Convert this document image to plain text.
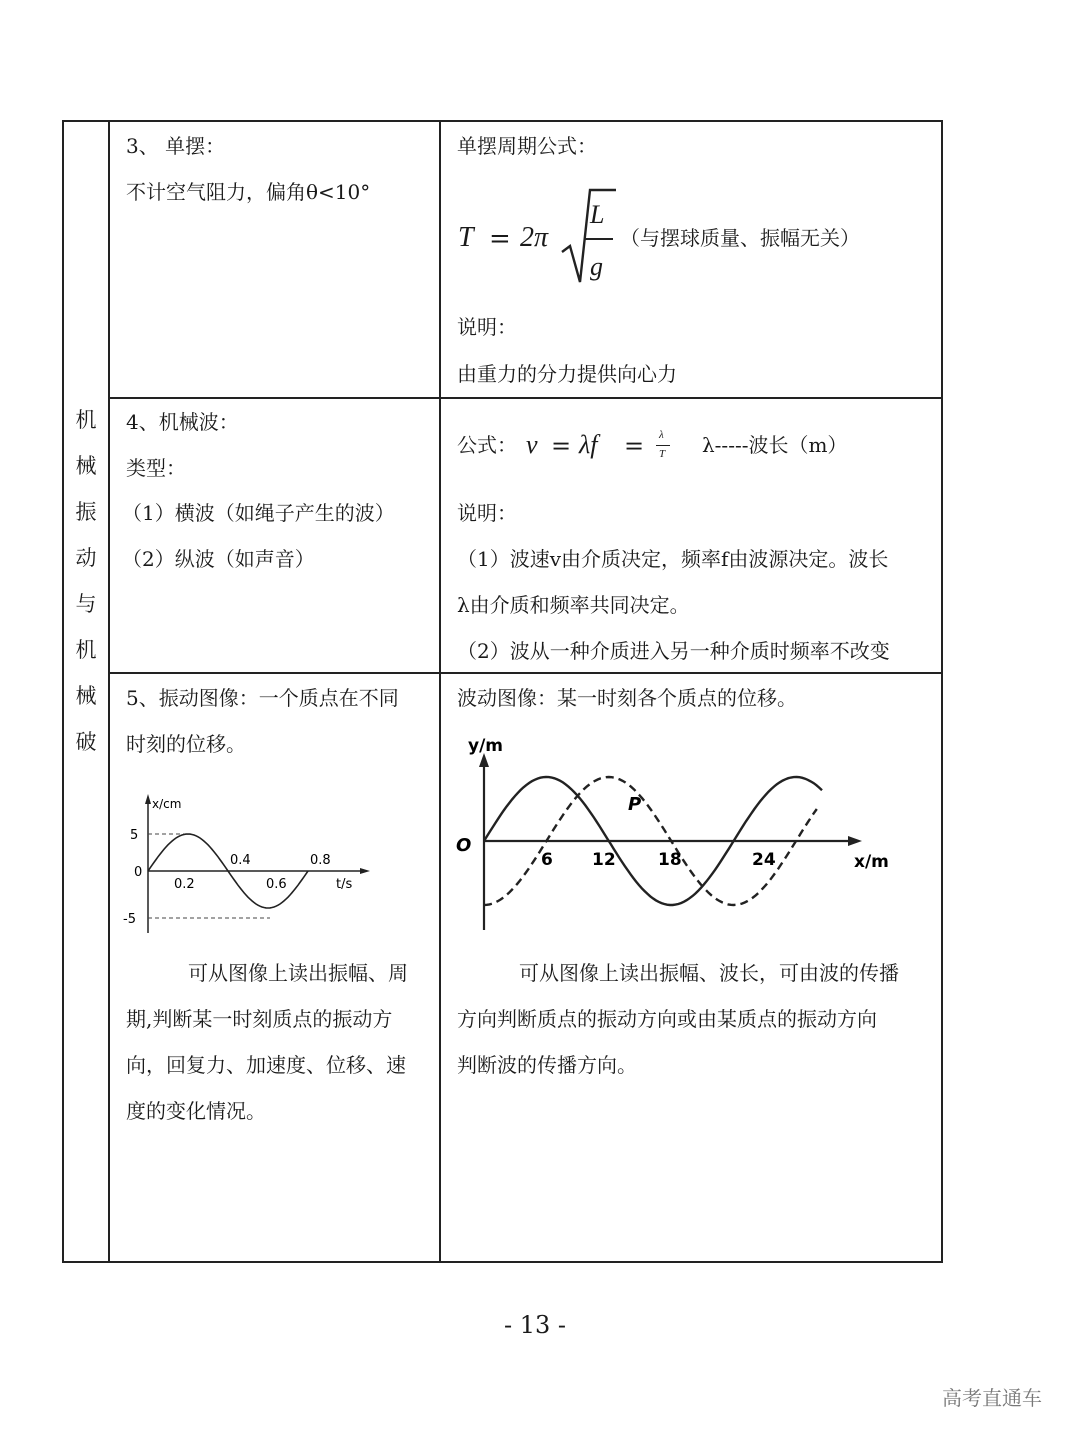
机
械
振
动
与
机
械
破
3、 单摆：
不计空气阻力，偏角θ<10°
单摆周期公式：
T = 2π
L
g
（与摆球质量、振幅无关）
说明：
由重力的分力提供向心力
4、机械波：
类型：
（1）横波（如绳子产生的波）
（2）纵波（如声音）
公式： v = λf = λ
T λ-----波长（m）
说明：
（1）波速v由介质决定，频率f由波源决定。波长
λ由介质和频率共同决定。
（2）波从一种介质进入另一种介质时频率不改变
5、振动图像：一个质点在不同
时刻的位移。
x/cm
5
0
-5
0.2
0.4
0.6
0.8
t/s
可从图像上读出振幅、周
期,判断某一时刻质点的振动方
向，回复力、加速度、位移、速
度的变化情况。
波动图像：某一时刻各个质点的位移。
y/m
O
6 12 18	24	x/m
P
可从图像上读出振幅、波长，可由波的传播
方向判断质点的振动方向或由某质点的振动方向
判断波的传播方向。
- 13 -
高考直通车
